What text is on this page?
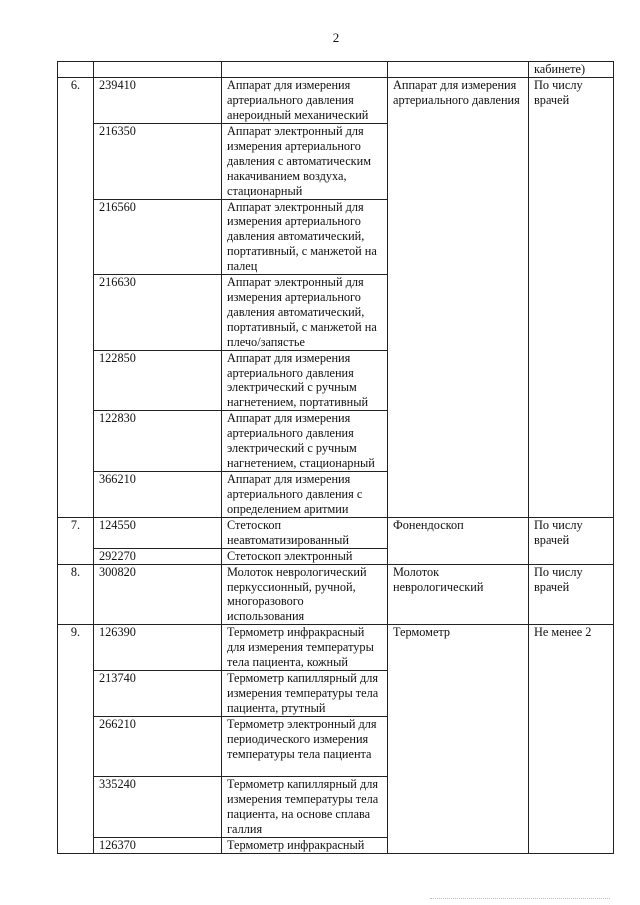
2
				кабинете)
6.	239410	Аппарат для измерения артериального давления анероидный механический	Аппарат для измерения артериального давления	По числу врачей
	216350	Аппарат электронный для измерения артериального давления с автоматическим накачиванием воздуха, стационарный		
	216560	Аппарат электронный для измерения артериального давления автоматический, портативный, с манжетой на палец		
	216630	Аппарат электронный для измерения артериального давления автоматический, портативный, с манжетой на плечо/запястье		
	122850	Аппарат для измерения артериального давления электрический с ручным нагнетением, портативный		
	122830	Аппарат для измерения артериального давления электрический с ручным нагнетением, стационарный		
	366210	Аппарат для измерения артериального давления с определением аритмии		
7.	124550	Стетоскоп неавтоматизированный	Фонендоскоп	По числу врачей
	292270	Стетоскоп электронный		
8.	300820	Молоток неврологический перкуссионный, ручной, многоразового использования	Молоток неврологический	По числу врачей
9.	126390	Термометр инфракрасный для измерения температуры тела пациента, кожный	Термометр	Не менее 2
	213740	Термометр капиллярный для измерения температуры тела пациента, ртутный		
	266210	Термометр электронный для периодического измерения температуры тела пациента		
	335240	Термометр капиллярный для измерения температуры тела пациента, на основе сплава галлия		
	126370	Термометр инфракрасный		
